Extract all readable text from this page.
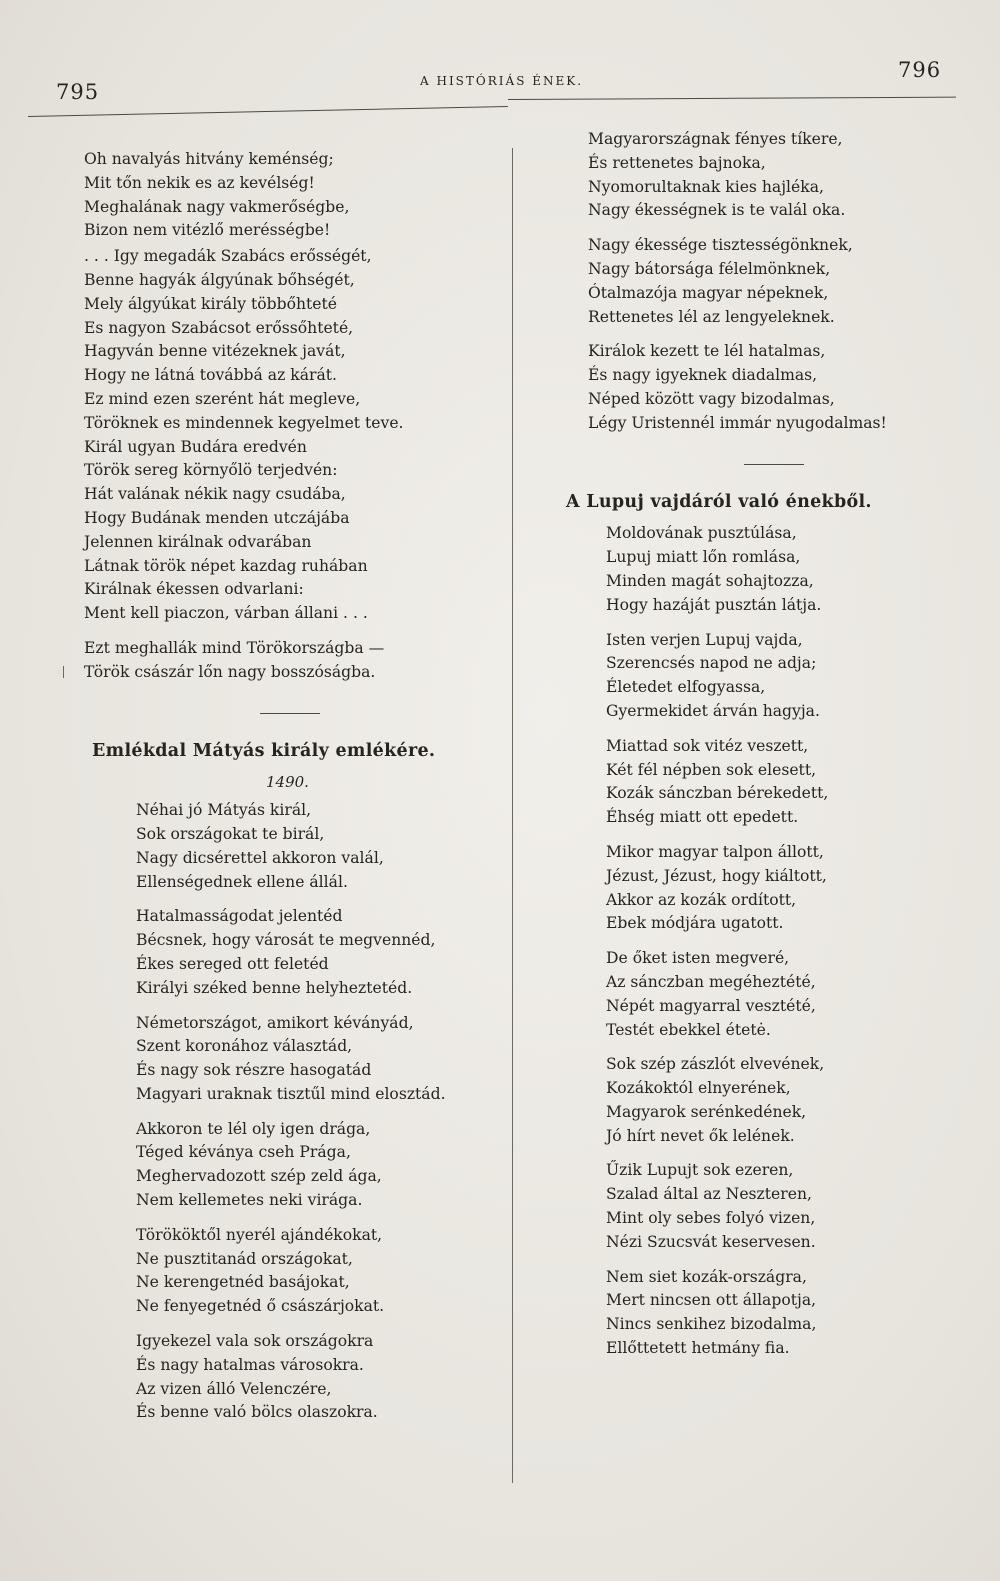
795	A HISTÓRIÁS ÉNEK.	796
Oh navalyás hitvány keménség;
Mit tőn nekik es az kevélség!
Meghalának nagy vakmerőségbe,
Bizon nem vitézlő merésségbe!
. . . Igy megadák Szabács erősségét,
Benne hagyák álgyúnak bőhségét,
Mely álgyúkat király többőhteté
Es nagyon Szabácsot erőssőhteté,
Hagyván benne vitézeknek javát,
Hogy ne látná továbbá az kárát.
Ez mind ezen szerént hát megleve,
Töröknek es mindennek kegyelmet teve.
Királ ugyan Budára eredvén
Török sereg környőlö terjedvén:
Hát valának nékik nagy csudába,
Hogy Budának menden utczájába
Jelennen királnak odvarában
Látnak török népet kazdag ruhában
Királnak ékessen odvarlani:
Ment kell piaczon, várban állani . . .
Ezt meghallák mind Törökországba —
Török császár lőn nagy bosszóságba.
Emlékdal Mátyás király emlékére.
1490.
Néhai jó Mátyás királ,
Sok országokat te birál,
Nagy dicsérettel akkoron valál,
Ellenségednek ellene állál.
Hatalmasságodat jelentéd
Bécsnek, hogy városát te megvennéd,
Ékes sereged ott feletéd
Királyi széked benne helyheztetéd.
Németországot, amikort kéványád,
Szent koronához választád,
És nagy sok részre hasogatád
Magyari uraknak tisztűl mind elosztád.
Akkoron te lél oly igen drága,
Téged kéványa cseh Prága,
Meghervadozott szép zeld ága,
Nem kellemetes neki virága.
Törököktől nyerél ajándékokat,
Ne pusztitanád országokat,
Ne kerengetnéd basájokat,
Ne fenyegetnéd ő császárjokat.
Igyekezel vala sok országokra
És nagy hatalmas városokra.
Az vizen álló Velenczére,
És benne való bölcs olaszokra.
Magyarországnak fényes tíkere,
És rettenetes bajnoka,
Nyomorultaknak kies hajléka,
Nagy ékességnek is te valál oka.
Nagy ékessége tisztességönknek,
Nagy bátorsága félelmönknek,
Ótalmazója magyar népeknek,
Rettenetes lél az lengyeleknek.
Királok kezett te lél hatalmas,
És nagy igyeknek diadalmas,
Néped között vagy bizodalmas,
Légy Uristennél immár nyugodalmas!
A Lupuj vajdáról való énekből.
Moldovának pusztúlása,
Lupuj miatt lőn romlása,
Minden magát sohajtozza,
Hogy hazáját pusztán látja.
Isten verjen Lupuj vajda,
Szerencsés napod ne adja;
Életedet elfogyassa,
Gyermekidet árván hagyja.
Miattad sok vitéz veszett,
Két fél népben sok elesett,
Kozák sánczban bérekedett,
Éhség miatt ott epedett.
Mikor magyar talpon állott,
Jézust, Jézust, hogy kiáltott,
Akkor az kozák ordított,
Ebek módjára ugatott.
De őket isten megveré,
Az sánczban megéheztété,
Népét magyarral vesztété,
Testét ebekkel étetė.
Sok szép zászlót elvevének,
Kozákoktól elnyerének,
Magyarok serénkedének,
Jó hírt nevet ők lelének.
Űzik Lupujt sok ezeren,
Szalad által az Neszteren,
Mint oly sebes folyó vizen,
Nézi Szucsvát keservesen.
Nem siet kozák-országra,
Mert nincsen ott állapotja,
Nincs senkihez bizodalma,
Ellőttetett hetmány fia.
